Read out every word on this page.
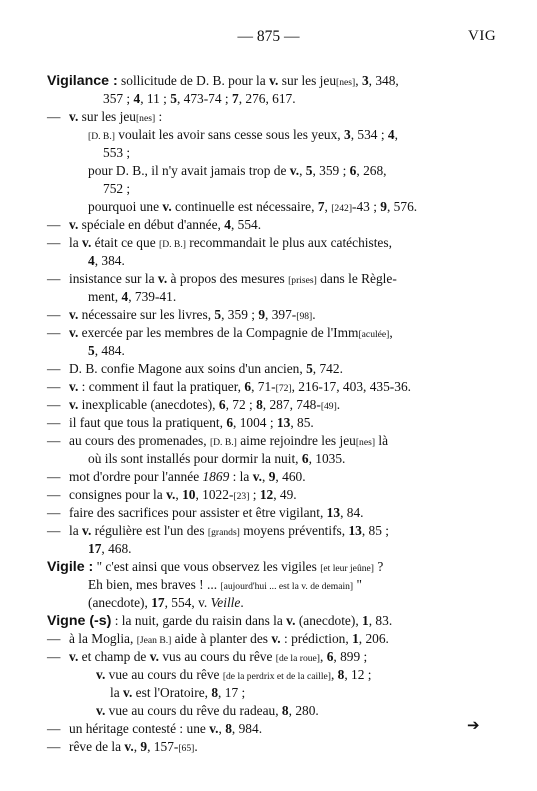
— 875 —	VIG
Vigilance : sollicitude de D. B. pour la v. sur les jeu[nes], 3, 348,
357 ; 4, 11 ; 5, 473-74 ; 7, 276, 617.
— v. sur les jeu[nes] :
[D. B.] voulait les avoir sans cesse sous les yeux, 3, 534 ; 4,
553 ;
pour D. B., il n'y avait jamais trop de v., 5, 359 ; 6, 268,
752 ;
pourquoi une v. continuelle est nécessaire, 7, [242]-43 ; 9, 576.
— v. spéciale en début d'année, 4, 554.
— la v. était ce que [D. B.] recommandait le plus aux catéchistes,
4, 384.
— insistance sur la v. à propos des mesures [prises] dans le Règle-
ment, 4, 739-41.
— v. nécessaire sur les livres, 5, 359 ; 9, 397-[98].
— v. exercée par les membres de la Compagnie de l'Imm[aculée],
5, 484.
— D. B. confie Magone aux soins d'un ancien, 5, 742.
— v. : comment il faut la pratiquer, 6, 71-[72], 216-17, 403, 435-36.
— v. inexplicable (anecdotes), 6, 72 ; 8, 287, 748-[49].
— il faut que tous la pratiquent, 6, 1004 ; 13, 85.
— au cours des promenades, [D. B.] aime rejoindre les jeu[nes] là
où ils sont installés pour dormir la nuit, 6, 1035.
— mot d'ordre pour l'année 1869 : la v., 9, 460.
— consignes pour la v., 10, 1022-[23] ; 12, 49.
— faire des sacrifices pour assister et être vigilant, 13, 84.
— la v. régulière est l'un des [grands] moyens préventifs, 13, 85 ;
17, 468.
Vigile : " c'est ainsi que vous observez les vigiles [et leur jeûne] ?
Eh bien, mes braves ! ... [aujourd'hui ... est la v. de demain] "
(anecdote), 17, 554, v. Veille.
Vigne (-s) : la nuit, garde du raisin dans la v. (anecdote), 1, 83.
— à la Moglia, [Jean B.] aide à planter des v. : prédiction, 1, 206.
— v. et champ de v. vus au cours du rêve [de la roue], 6, 899 ;
v. vue au cours du rêve [de la perdrix et de la caille], 8, 12 ;
la v. est l'Oratoire, 8, 17 ;
v. vue au cours du rêve du radeau, 8, 280.
— un héritage contesté : une v., 8, 984.
— rêve de la v., 9, 157-[65].
➔
